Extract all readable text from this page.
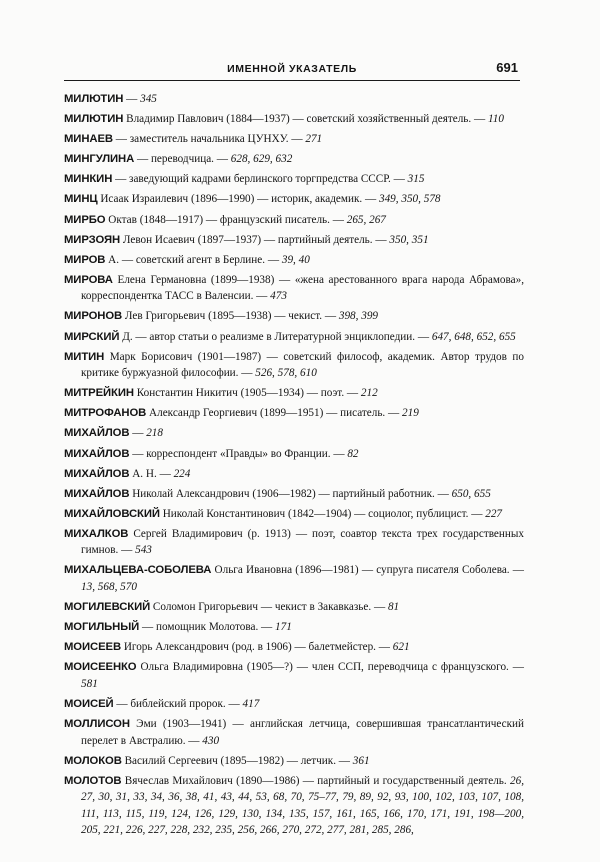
ИМЕННОЙ УКАЗАТЕЛЬ	691

МИЛЮТИН — 345

МИЛЮТИН Владимир Павлович (1884—1937) — советский хозяйственный деятель. — 110

МИНАЕВ — заместитель начальника ЦУНХУ. — 271

МИНГУЛИНА — переводчица. — 628, 629, 632

МИНКИН — заведующий кадрами берлинского торгпредства СССР. — 315

МИНЦ Исаак Израилевич (1896—1990) — историк, академик. — 349, 350, 578

МИРБО Октав (1848—1917) — французский писатель. — 265, 267

МИРЗОЯН Левон Исаевич (1897—1937) — партийный деятель. — 350, 351

МИРОВ А. — советский агент в Берлине. — 39, 40

МИРОВА Елена Германовна (1899—1938) — «жена арестованного врага народа Абрамова», корреспондентка ТАСС в Валенсии. — 473

МИРОНОВ Лев Григорьевич (1895—1938) — чекист. — 398, 399

МИРСКИЙ Д. — автор статьи о реализме в Литературной энциклопедии. — 647, 648, 652, 655

МИТИН Марк Борисович (1901—1987) — советский философ, академик. Автор трудов по критике буржуазной философии. — 526, 578, 610

МИТРЕЙКИН Константин Никитич (1905—1934) — поэт. — 212

МИТРОФАНОВ Александр Георгиевич (1899—1951) — писатель. — 219

МИХАЙЛОВ — 218

МИХАЙЛОВ — корреспондент «Правды» во Франции. — 82

МИХАЙЛОВ А. Н. — 224

МИХАЙЛОВ Николай Александрович (1906—1982) — партийный работник. — 650, 655

МИХАЙЛОВСКИЙ Николай Константинович (1842—1904) — социолог, публицист. — 227

МИХАЛКОВ Сергей Владимирович (р. 1913) — поэт, соавтор текста трех государственных гимнов. — 543

МИХАЛЬЦЕВА-СОБОЛЕВА Ольга Ивановна (1896—1981) — супруга писателя Соболева. — 13, 568, 570

МОГИЛЕВСКИЙ Соломон Григорьевич — чекист в Закавказье. — 81

МОГИЛЬНЫЙ — помощник Молотова. — 171

МОИСЕЕВ Игорь Александрович (род. в 1906) — балетмейстер. — 621

МОИСЕЕНКО Ольга Владимировна (1905—?) — член ССП, переводчица с французского. — 581

МОИСЕЙ — библейский пророк. — 417

МОЛЛИСОН Эми (1903—1941) — английская летчица, совершившая трансатлантический перелет в Австралию. — 430

МОЛОКОВ Василий Сергеевич (1895—1982) — летчик. — 361

МОЛОТОВ Вячеслав Михайлович (1890—1986) — партийный и государственный деятель. 26, 27, 30, 31, 33, 34, 36, 38, 41, 43, 44, 53, 68, 70, 75–77, 79, 89, 92, 93, 100, 102, 103, 107, 108, 111, 113, 115, 119, 124, 126, 129, 130, 134, 135, 157, 161, 165, 166, 170, 171, 191, 198—200, 205, 221, 226, 227, 228, 232, 235, 256, 266, 270, 272, 277, 281, 285, 286,
